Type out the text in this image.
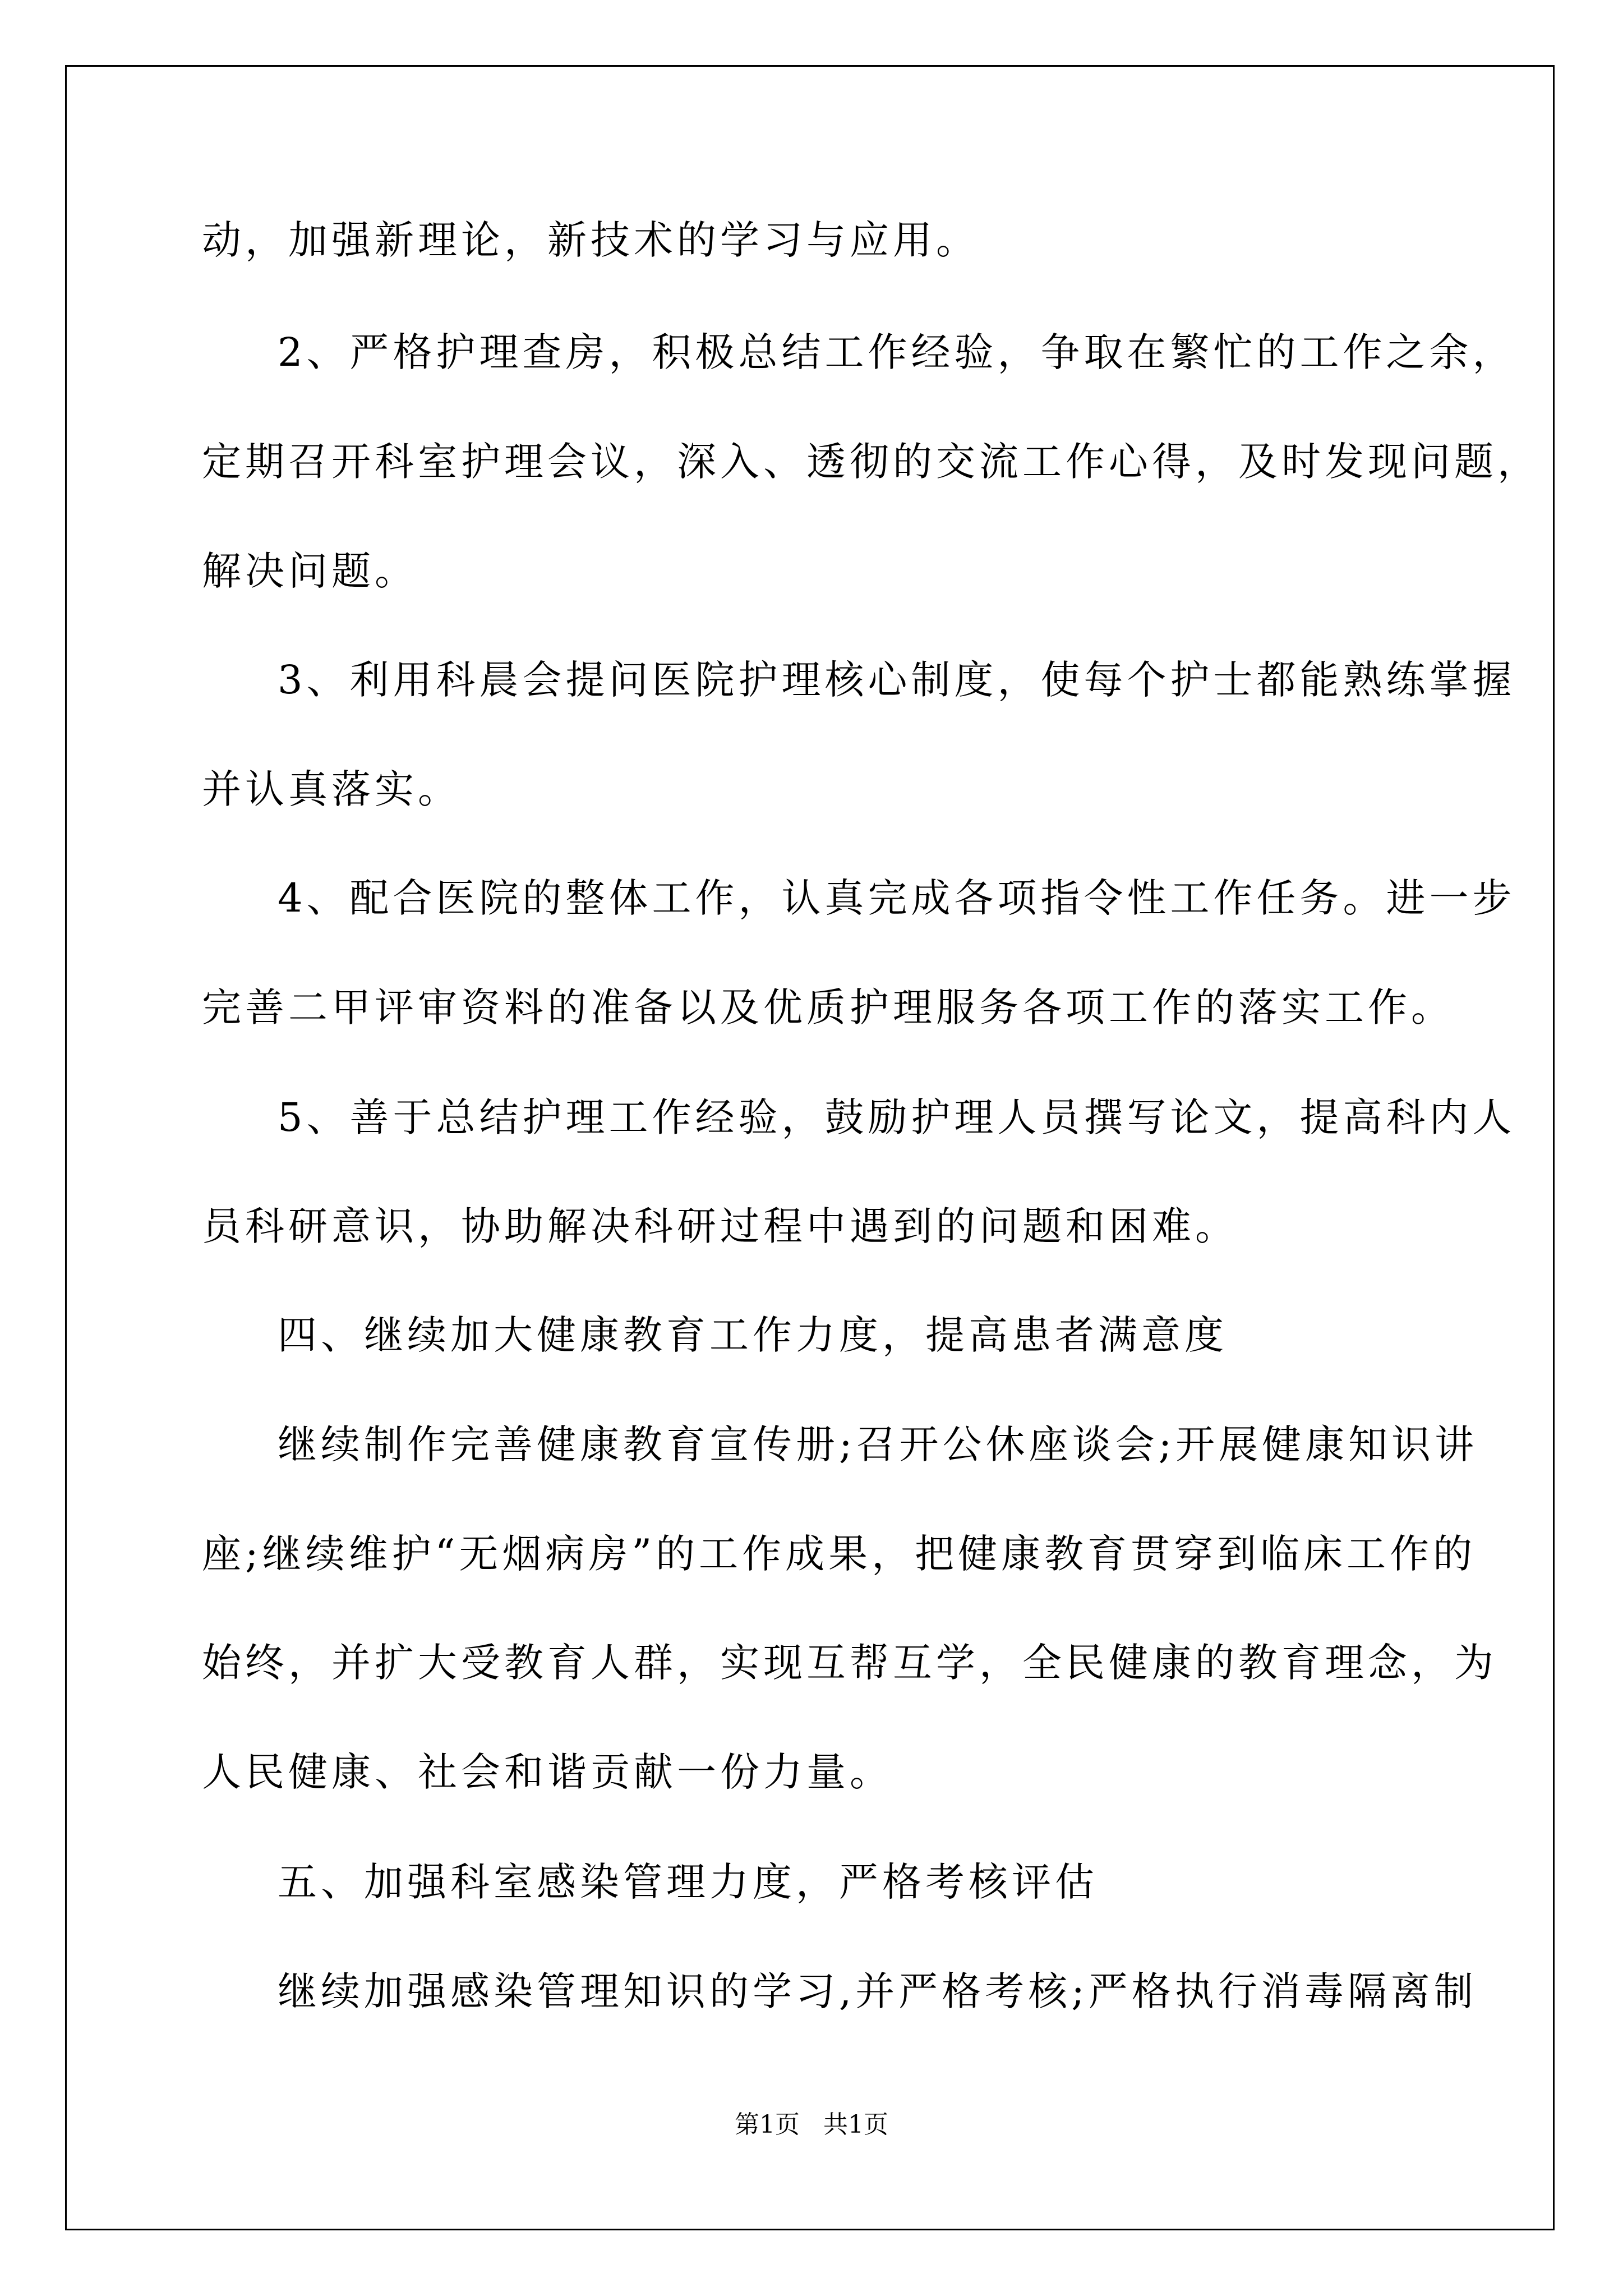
动，加强新理论，新技术的学习与应用。
2、严格护理查房，积极总结工作经验，争取在繁忙的工作之余，
定期召开科室护理会议，深入、透彻的交流工作心得，及时发现问题，
解决问题。
3、利用科晨会提问医院护理核心制度，使每个护士都能熟练掌握
并认真落实。
4、配合医院的整体工作，认真完成各项指令性工作任务。进一步
完善二甲评审资料的准备以及优质护理服务各项工作的落实工作。
5、善于总结护理工作经验，鼓励护理人员撰写论文，提高科内人
员科研意识，协助解决科研过程中遇到的问题和困难。
四、继续加大健康教育工作力度，提高患者满意度
继续制作完善健康教育宣传册;召开公休座谈会;开展健康知识讲
座;继续维护“无烟病房”的工作成果，把健康教育贯穿到临床工作的
始终，并扩大受教育人群，实现互帮互学，全民健康的教育理念，为
人民健康、社会和谐贡献一份力量。
五、加强科室感染管理力度，严格考核评估
继续加强感染管理知识的学习,并严格考核;严格执行消毒隔离制
第1页   共1页
